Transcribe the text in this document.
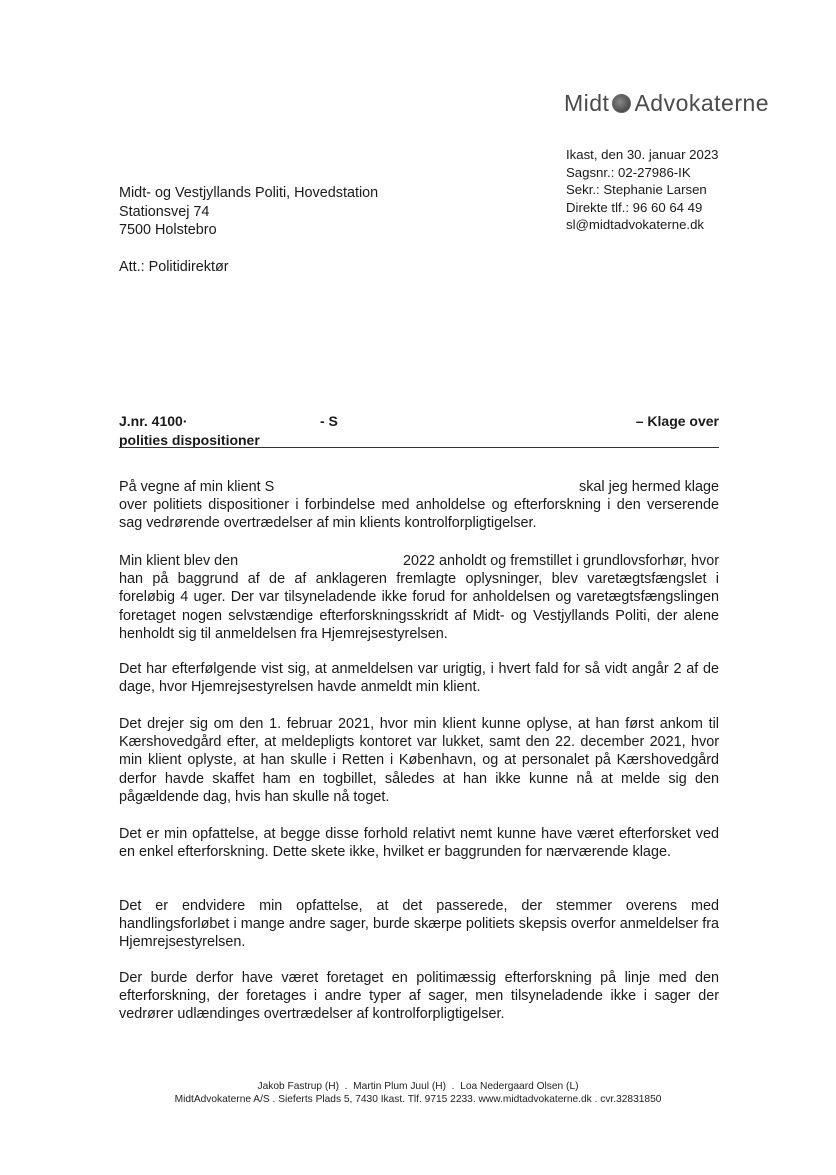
Midt Advokaterne
Ikast, den 30. januar 2023
Sagsnr.: 02-27986-IK
Sekr.: Stephanie Larsen
Direkte tlf.: 96 60 64 49
sl@midtadvokaterne.dk
Midt- og Vestjyllands Politi, Hovedstation
Stationsvej 74
7500 Holstebro
Att.: Politidirektør
J.nr. 4100·	- S	– Klage over
polities dispositioner
På vegne af min klient S	skal jeg hermed klage

over politiets dispositioner i forbindelse med anholdelse og efterforskning i den verserende sag vedrørende overtrædelser af min klients kontrolforpligtigelser.

Min klient blev den	2022 anholdt og fremstillet i grundlovsforhør, hvor

han på baggrund af de af anklageren fremlagte oplysninger, blev varetægtsfængslet i foreløbig 4 uger. Der var tilsyneladende ikke forud for anholdelsen og varetægtsfængslingen foretaget nogen selvstændige efterforskningsskridt af Midt- og Vestjyllands Politi, der alene henholdt sig til anmeldelsen fra Hjemrejsestyrelsen.

Det har efterfølgende vist sig, at anmeldelsen var urigtig, i hvert fald for så vidt angår 2 af de dage, hvor Hjemrejsestyrelsen havde anmeldt min klient.

Det drejer sig om den 1. februar 2021, hvor min klient kunne oplyse, at han først ankom til Kærshovedgård efter, at meldepligts kontoret var lukket, samt den 22. december 2021, hvor min klient oplyste, at han skulle i Retten i København, og at personalet på Kærshovedgård derfor havde skaffet ham en togbillet, således at han ikke kunne nå at melde sig den pågældende dag, hvis han skulle nå toget.

Det er min opfattelse, at begge disse forhold relativt nemt kunne have været efterforsket ved en enkel efterforskning. Dette skete ikke, hvilket er baggrunden for nærværende klage.

Det er endvidere min opfattelse, at det passerede, der stemmer overens med handlingsforløbet i mange andre sager, burde skærpe politiets skepsis overfor anmeldelser fra Hjemrejsestyrelsen.

Der burde derfor have været foretaget en politimæssig efterforskning på linje med den efterforskning, der foretages i andre typer af sager, men tilsyneladende ikke i sager der vedrører udlændinges overtrædelser af kontrolforpligtigelser.

Jakob Fastrup (H)  .  Martin Plum Juul (H)  .  Loa Nedergaard Olsen (L)
MidtAdvokaterne A/S . Sieferts Plads 5, 7430 Ikast. Tlf. 9715 2233. www.midtadvokaterne.dk . cvr.32831850
